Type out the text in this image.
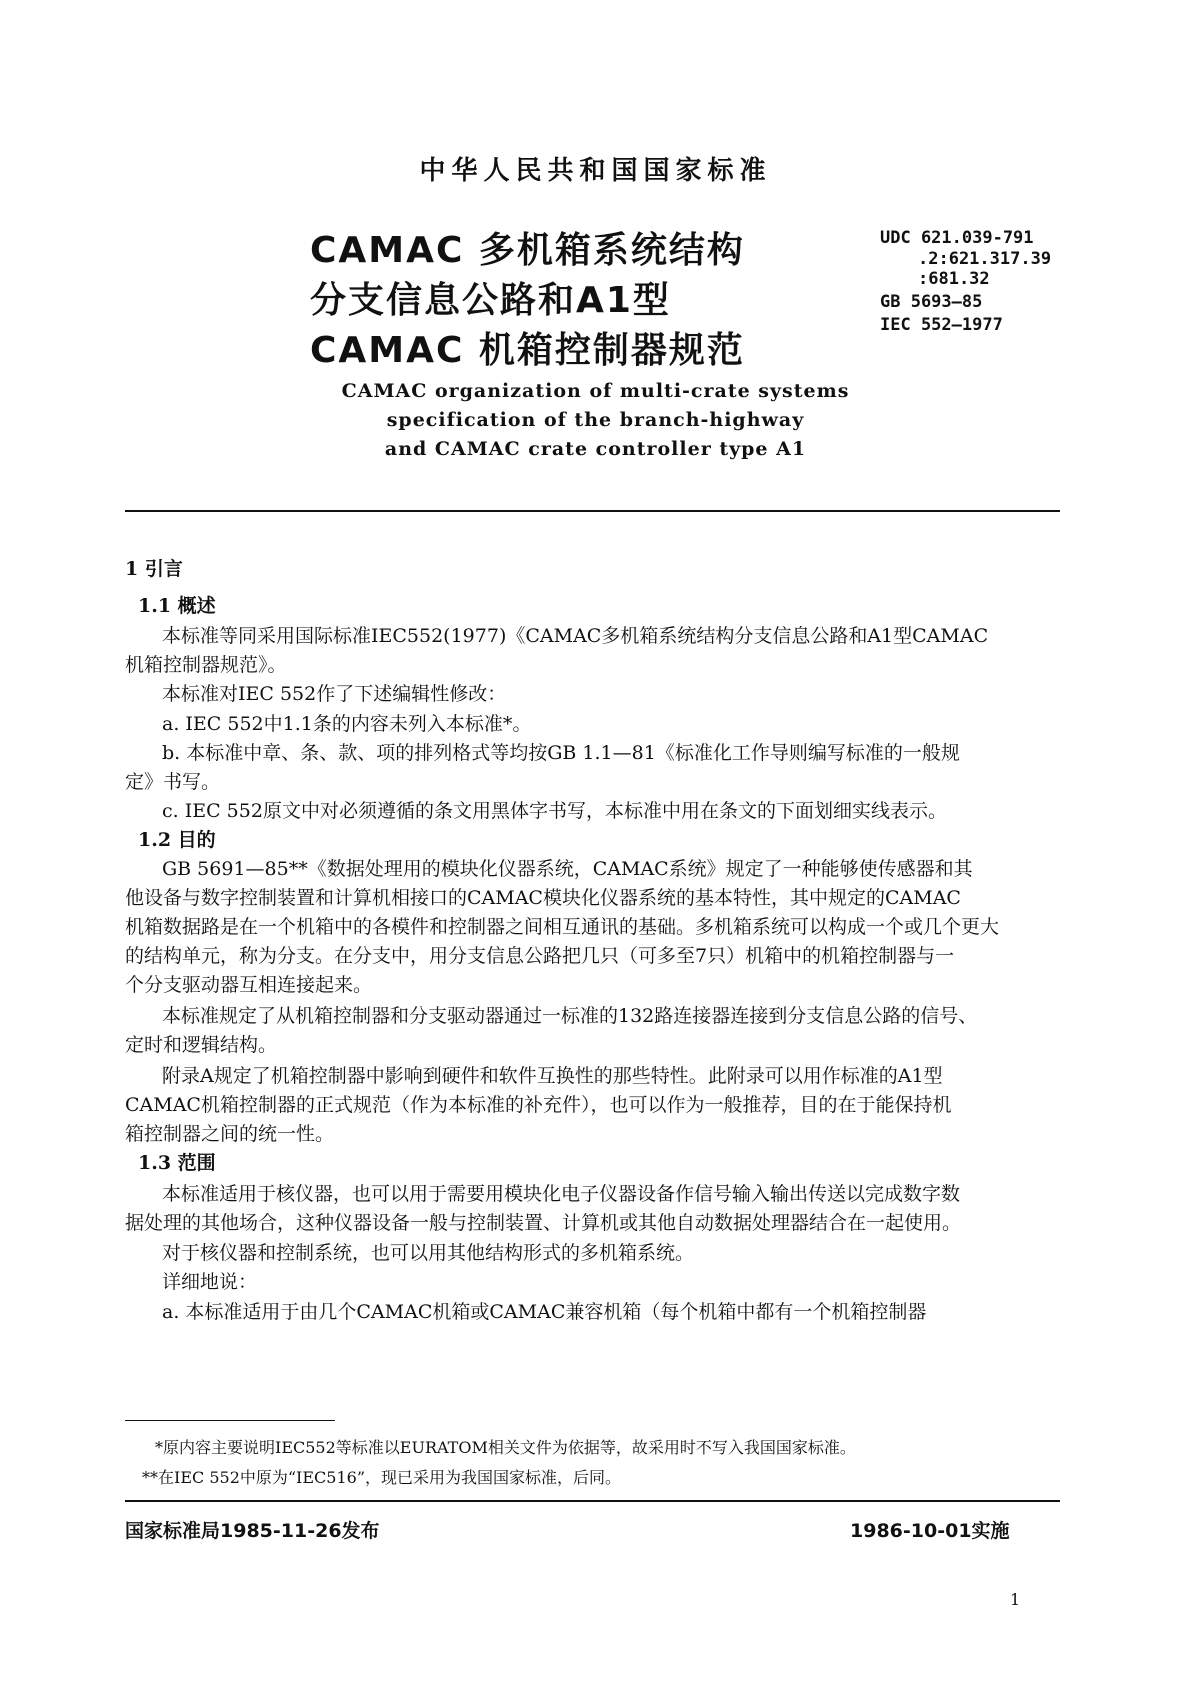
中华人民共和国国家标准
CAMAC 多机箱系统结构
分支信息公路和A1型
CAMAC 机箱控制器规范
UDC 621.039-791
.2:621.317.39
:681.32
GB 5693—85
IEC 552—1977
CAMAC organization of multi-crate systems
specification of the branch-highway
and CAMAC crate controller type A1
1 引言
1.1 概述
本标准等同采用国际标准IEC552(1977)《CAMAC多机箱系统结构分支信息公路和A1型CAMAC
机箱控制器规范》。
本标准对IEC 552作了下述编辑性修改：
a. IEC 552中1.1条的内容未列入本标准*。
b. 本标准中章、条、款、项的排列格式等均按GB 1.1—81《标准化工作导则编写标准的一般规
定》书写。
c. IEC 552原文中对必须遵循的条文用黑体字书写，本标准中用在条文的下面划细实线表示。
1.2 目的
GB 5691—85**《数据处理用的模块化仪器系统，CAMAC系统》规定了一种能够使传感器和其
他设备与数字控制装置和计算机相接口的CAMAC模块化仪器系统的基本特性，其中规定的CAMAC
机箱数据路是在一个机箱中的各模件和控制器之间相互通讯的基础。多机箱系统可以构成一个或几个更大
的结构单元，称为分支。在分支中，用分支信息公路把几只（可多至7只）机箱中的机箱控制器与一
个分支驱动器互相连接起来。
本标准规定了从机箱控制器和分支驱动器通过一标准的132路连接器连接到分支信息公路的信号、
定时和逻辑结构。
附录A规定了机箱控制器中影响到硬件和软件互换性的那些特性。此附录可以用作标准的A1型
CAMAC机箱控制器的正式规范（作为本标准的补充件），也可以作为一般推荐，目的在于能保持机
箱控制器之间的统一性。
1.3 范围
本标准适用于核仪器，也可以用于需要用模块化电子仪器设备作信号输入输出传送以完成数字数
据处理的其他场合，这种仪器设备一般与控制装置、计算机或其他自动数据处理器结合在一起使用。
对于核仪器和控制系统，也可以用其他结构形式的多机箱系统。
详细地说：
a. 本标准适用于由几个CAMAC机箱或CAMAC兼容机箱（每个机箱中都有一个机箱控制器
*原内容主要说明IEC552等标准以EURATOM相关文件为依据等，故采用时不写入我国国家标准。
**在IEC 552中原为“IEC516”，现已采用为我国国家标准，后同。
国家标准局1985-11-26发布	1986-10-01实施
1
